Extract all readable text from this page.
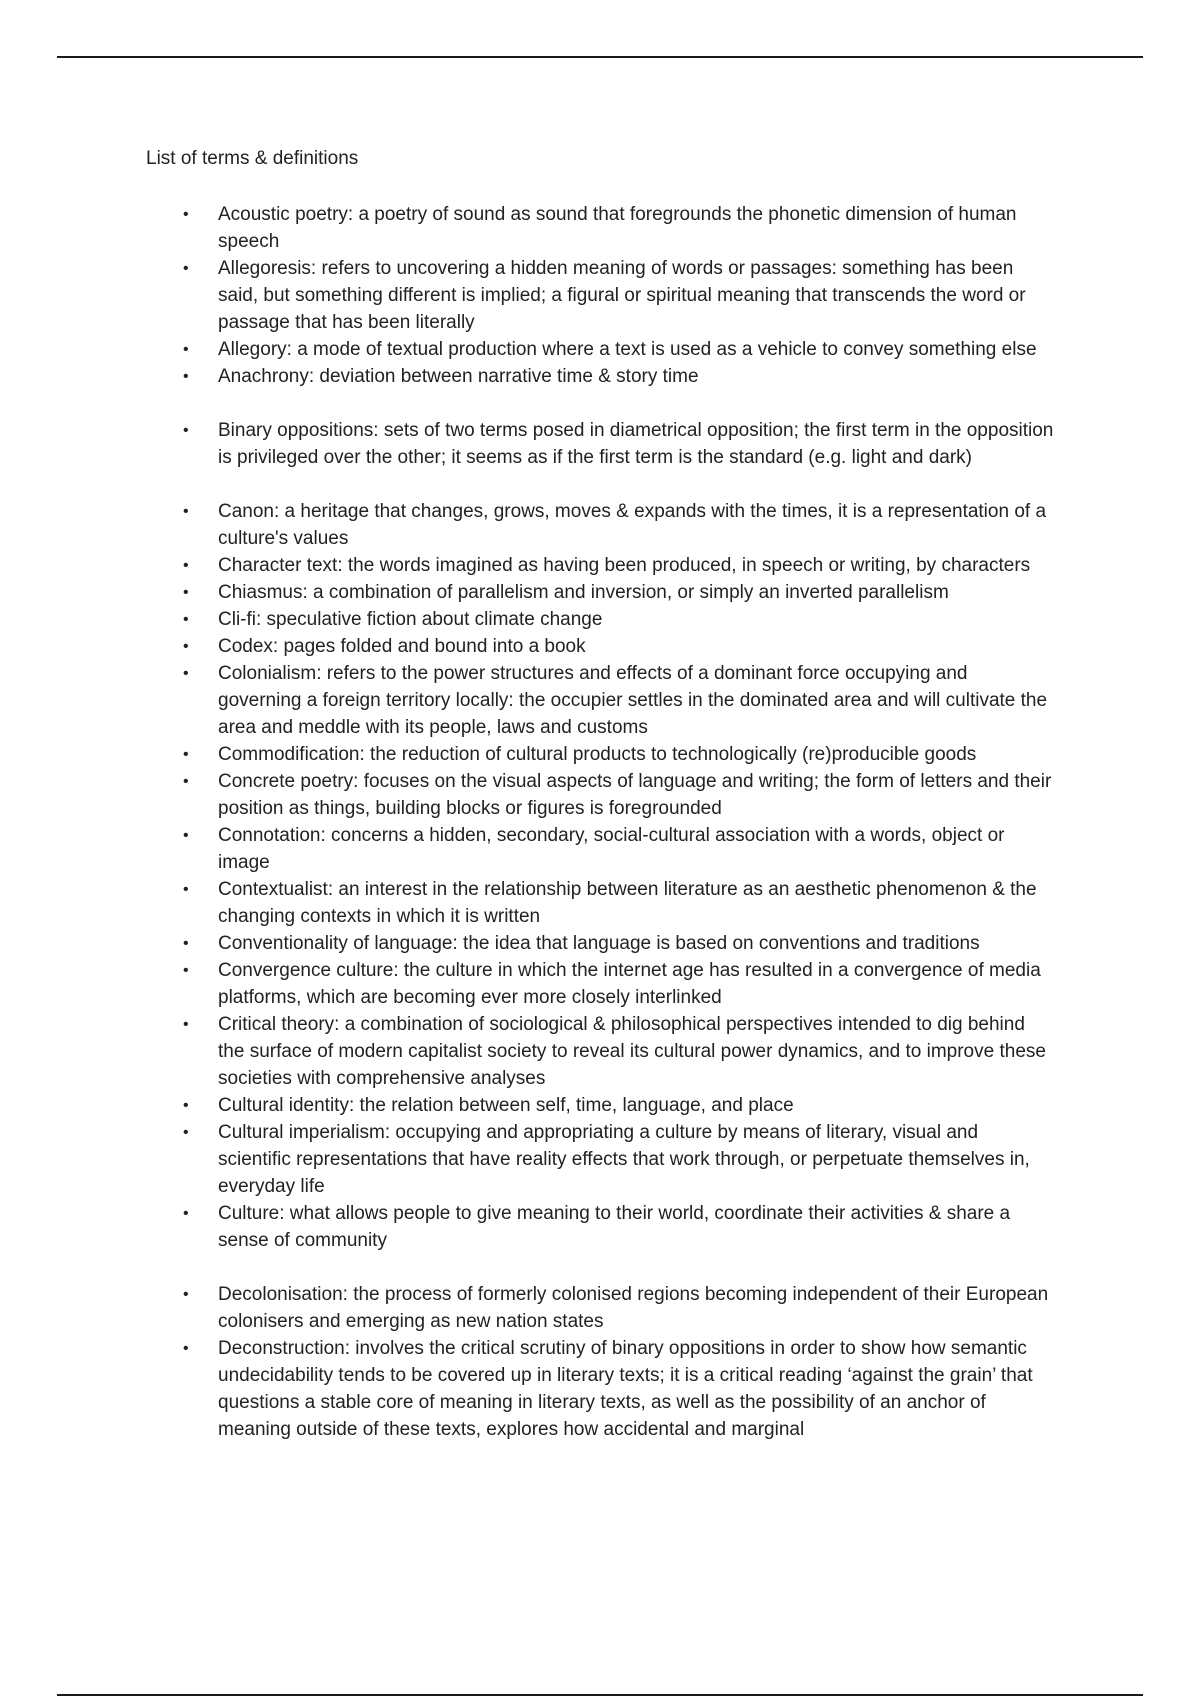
List of terms & definitions
• Acoustic poetry: a poetry of sound as sound that foregrounds the phonetic dimension of human speech
• Allegoresis: refers to uncovering a hidden meaning of words or passages: something has been said, but something different is implied; a figural or spiritual meaning that transcends the word or passage that has been literally
• Allegory: a mode of textual production where a text is used as a vehicle to convey something else
• Anachrony: deviation between narrative time & story time
• Binary oppositions: sets of two terms posed in diametrical opposition; the first term in the opposition is privileged over the other; it seems as if the first term is the standard (e.g. light and dark)
• Canon: a heritage that changes, grows, moves & expands with the times, it is a representation of a culture's values
• Character text: the words imagined as having been produced, in speech or writing, by characters
• Chiasmus: a combination of parallelism and inversion, or simply an inverted parallelism
• Cli-fi: speculative fiction about climate change
• Codex: pages folded and bound into a book
• Colonialism: refers to the power structures and effects of a dominant force occupying and governing a foreign territory locally: the occupier settles in the dominated area and will cultivate the area and meddle with its people, laws and customs
• Commodification: the reduction of cultural products to technologically (re)producible goods
• Concrete poetry: focuses on the visual aspects of language and writing; the form of letters and their position as things, building blocks or figures is foregrounded
• Connotation: concerns a hidden, secondary, social-cultural association with a words, object or image
• Contextualist: an interest in the relationship between literature as an aesthetic phenomenon & the changing contexts in which it is written
• Conventionality of language: the idea that language is based on conventions and traditions
• Convergence culture: the culture in which the internet age has resulted in a convergence of media platforms, which are becoming ever more closely interlinked
• Critical theory: a combination of sociological & philosophical perspectives intended to dig behind the surface of modern capitalist society to reveal its cultural power dynamics, and to improve these societies with comprehensive analyses
• Cultural identity: the relation between self, time, language, and place
• Cultural imperialism: occupying and appropriating a culture by means of literary, visual and scientific representations that have reality effects that work through, or perpetuate themselves in, everyday life
• Culture: what allows people to give meaning to their world, coordinate their activities & share a sense of community
• Decolonisation: the process of formerly colonised regions becoming independent of their European colonisers and emerging as new nation states
• Deconstruction: involves the critical scrutiny of binary oppositions in order to show how semantic undecidability tends to be covered up in literary texts; it is a critical reading ‘against the grain’ that questions a stable core of meaning in literary texts, as well as the possibility of an anchor of meaning outside of these texts, explores how accidental and marginal
